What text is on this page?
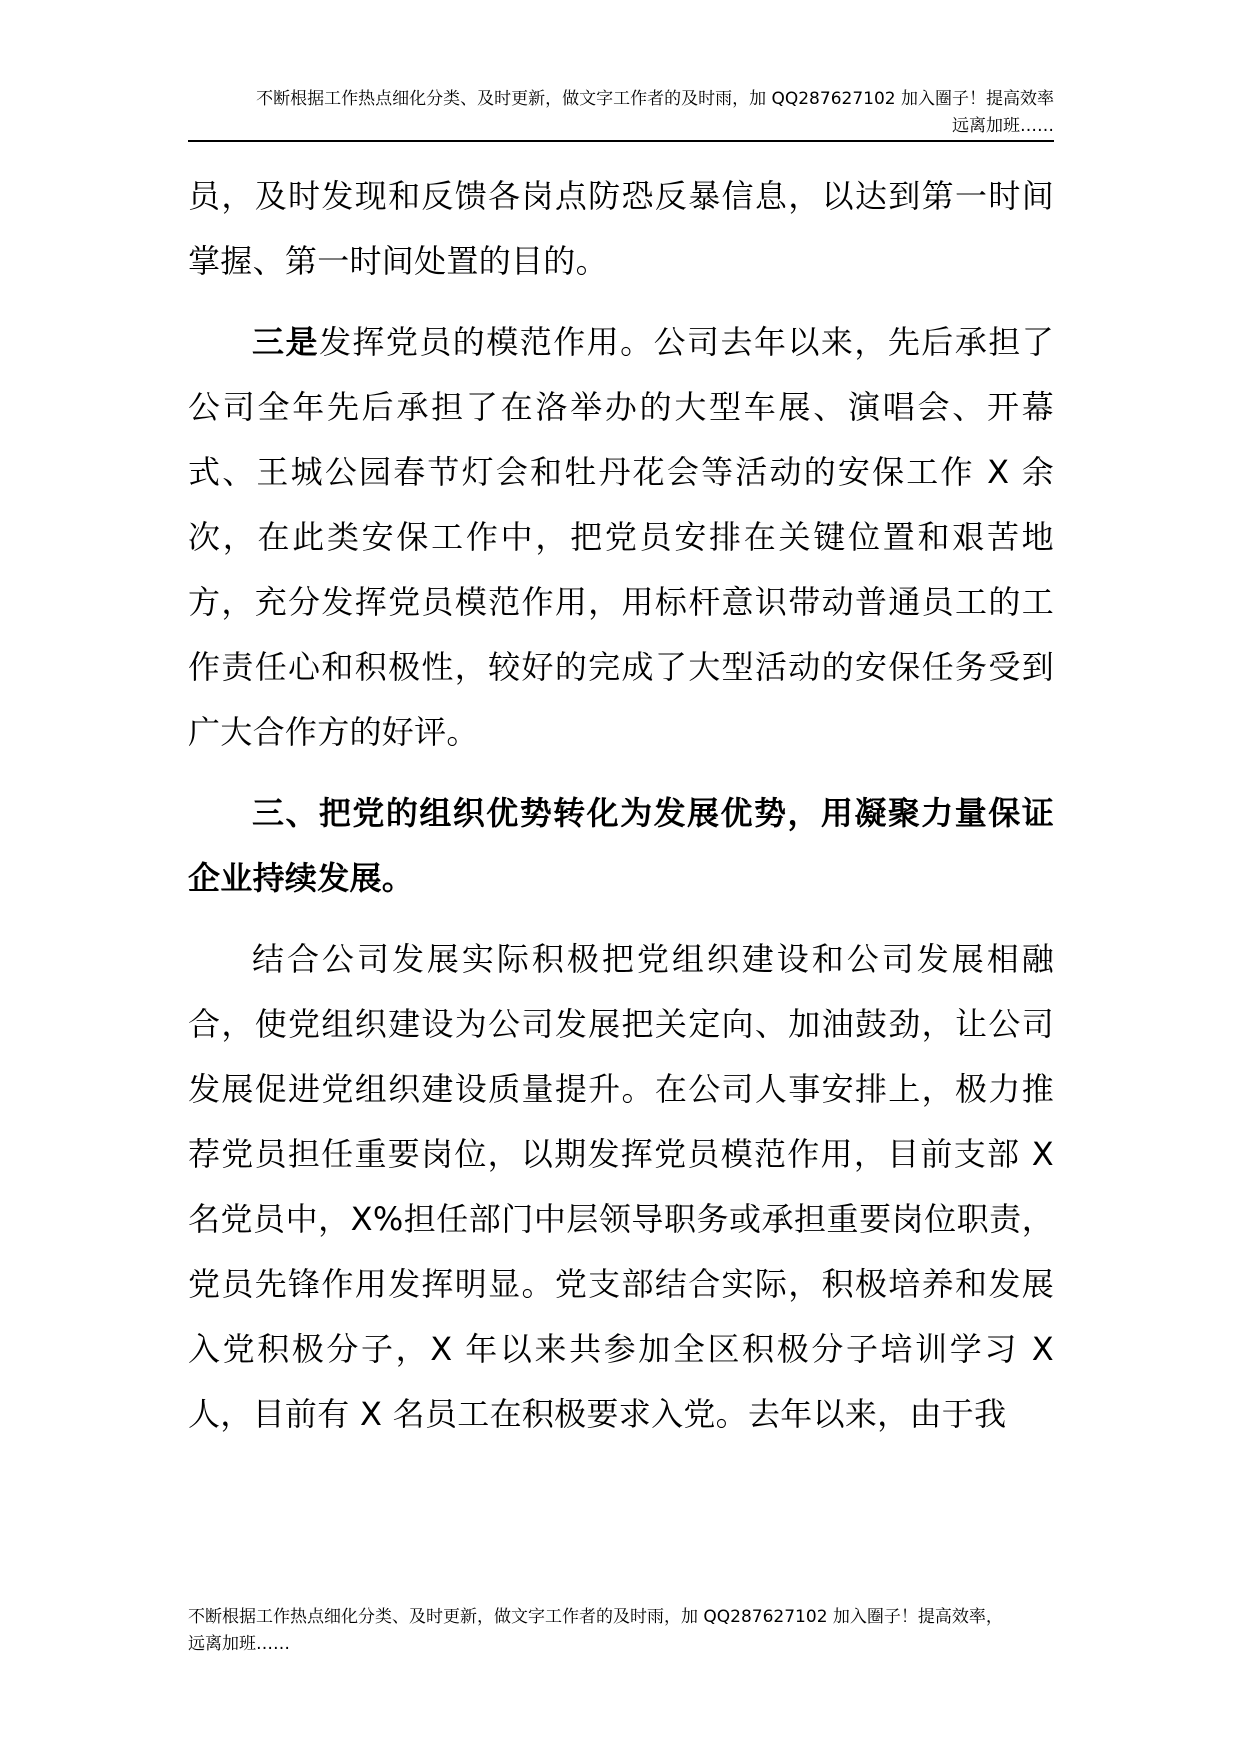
不断根据工作热点细化分类、及时更新，做文字工作者的及时雨，加 QQ287627102 加入圈子！提高效率
远离加班……

员，及时发现和反馈各岗点防恐反暴信息，以达到第一时间掌握、第一时间处置的目的。

三是发挥党员的模范作用。公司去年以来，先后承担了公司全年先后承担了在洛举办的大型车展、演唱会、开幕式、王城公园春节灯会和牡丹花会等活动的安保工作 X 余次，在此类安保工作中，把党员安排在关键位置和艰苦地方，充分发挥党员模范作用，用标杆意识带动普通员工的工作责任心和积极性，较好的完成了大型活动的安保任务受到广大合作方的好评。

三、把党的组织优势转化为发展优势，用凝聚力量保证企业持续发展。

结合公司发展实际积极把党组织建设和公司发展相融合，使党组织建设为公司发展把关定向、加油鼓劲，让公司发展促进党组织建设质量提升。在公司人事安排上，极力推荐党员担任重要岗位，以期发挥党员模范作用，目前支部 X 名党员中，X%担任部门中层领导职务或承担重要岗位职责，党员先锋作用发挥明显。党支部结合实际，积极培养和发展入党积极分子，X 年以来共参加全区积极分子培训学习 X 人，目前有 X 名员工在积极要求入党。去年以来，由于我

不断根据工作热点细化分类、及时更新，做文字工作者的及时雨，加 QQ287627102 加入圈子！提高效率，
远离加班……
